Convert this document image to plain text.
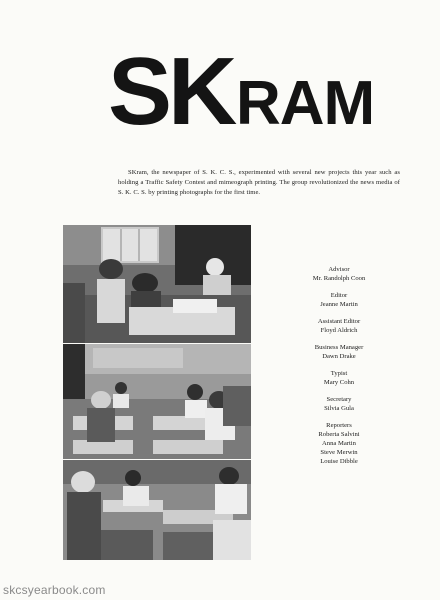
S
K RAM

SKram, the newspaper of S. K. C. S., experimented with several new projects this year such as holding a Traffic Safety Contest and mimeograph printing. The group revolutionized the news media of S. K. C. S. by printing photographs for the first time.

Advisor
Mr. Randolph Coon
Editor
Jeanne Martin
Assistant Editor
Floyd Aldrich
Business Manager
Dawn Drake
Typist
Mary Cohn
Secretary
Silvia Gula
Reporters
Roberta Salvini
Anna Martin
Steve Merwin
Louise Dibble
skcsyearbook.com
